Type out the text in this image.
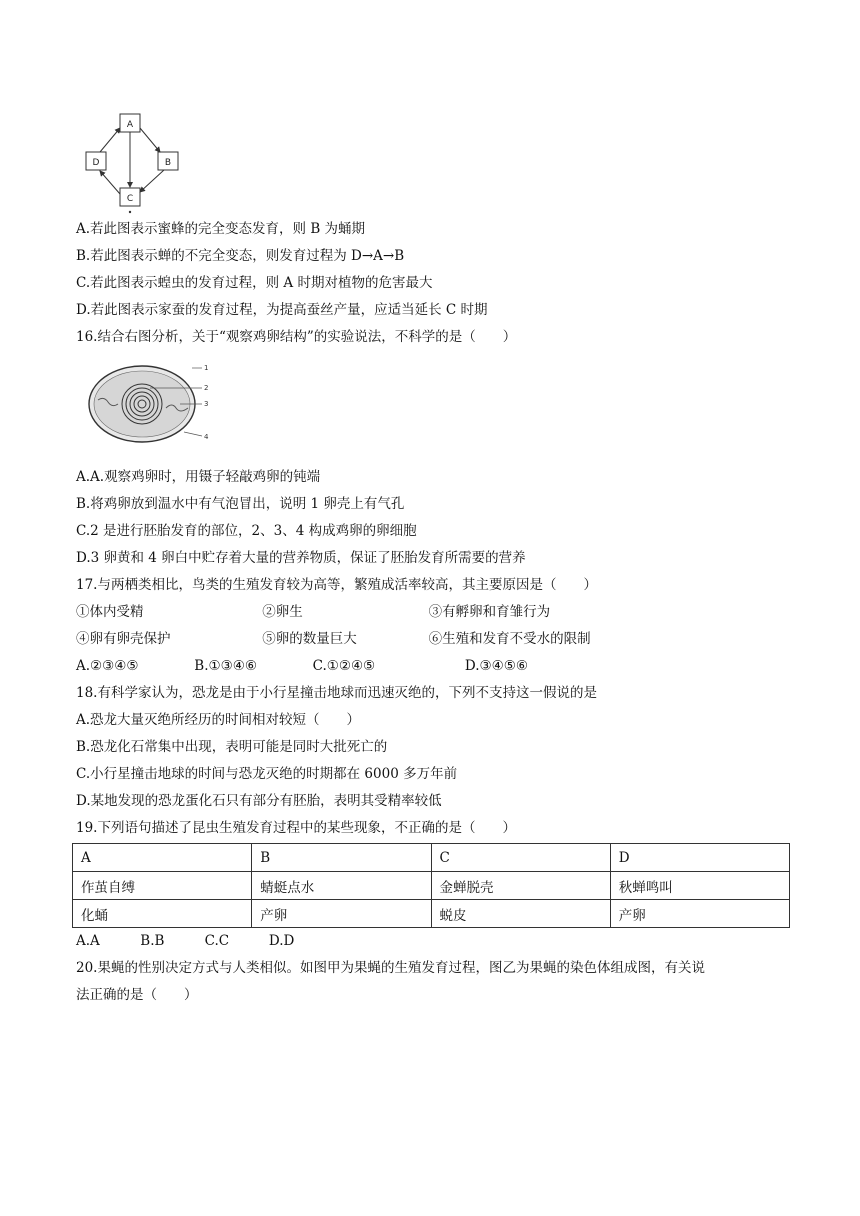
A
B
C
D
A.若此图表示蜜蜂的完全变态发育，则 B 为蛹期
B.若此图表示蝉的不完全变态，则发育过程为 D→A→B
C.若此图表示蝗虫的发育过程，则 A 时期对植物的危害最大
D.若此图表示家蚕的发育过程，为提高蚕丝产量，应适当延长 C 时期
16.结合右图分析，关于“观察鸡卵结构”的实验说法，不科学的是（　　）
1
2
3
4
A.A.观察鸡卵时，用镊子轻敲鸡卵的钝端
B.将鸡卵放到温水中有气泡冒出，说明 1 卵壳上有气孔
C.2 是进行胚胎发育的部位，2、3、4 构成鸡卵的卵细胞
D.3 卵黄和 4 卵白中贮存着大量的营养物质，保证了胚胎发育所需要的营养
17.与两栖类相比，鸟类的生殖发育较为高等，繁殖成活率较高，其主要原因是（　　）
①体内受精	②卵生	③有孵卵和育雏行为
④卵有卵壳保护	⑤卵的数量巨大	⑥生殖和发育不受水的限制
A.②③④⑤	B.①③④⑥	C.①②④⑤	D.③④⑤⑥
18.有科学家认为，恐龙是由于小行星撞击地球而迅速灭绝的，下列不支持这一假说的是
A.恐龙大量灭绝所经历的时间相对较短（　　）
B.恐龙化石常集中出现，表明可能是同时大批死亡的
C.小行星撞击地球的时间与恐龙灭绝的时期都在 6000 多万年前
D.某地发现的恐龙蛋化石只有部分有胚胎，表明其受精率较低
19.下列语句描述了昆虫生殖发育过程中的某些现象，不正确的是（　　）
A	B	C	D
作茧自缚	蜻蜓点水	金蝉脱壳	秋蝉鸣叫
化蛹	产卵	蜕皮	产卵
A.A	B.B	C.C	D.D
20.果蝇的性别决定方式与人类相似。如图甲为果蝇的生殖发育过程，图乙为果蝇的染色体组成图，有关说
法正确的是（　　）
